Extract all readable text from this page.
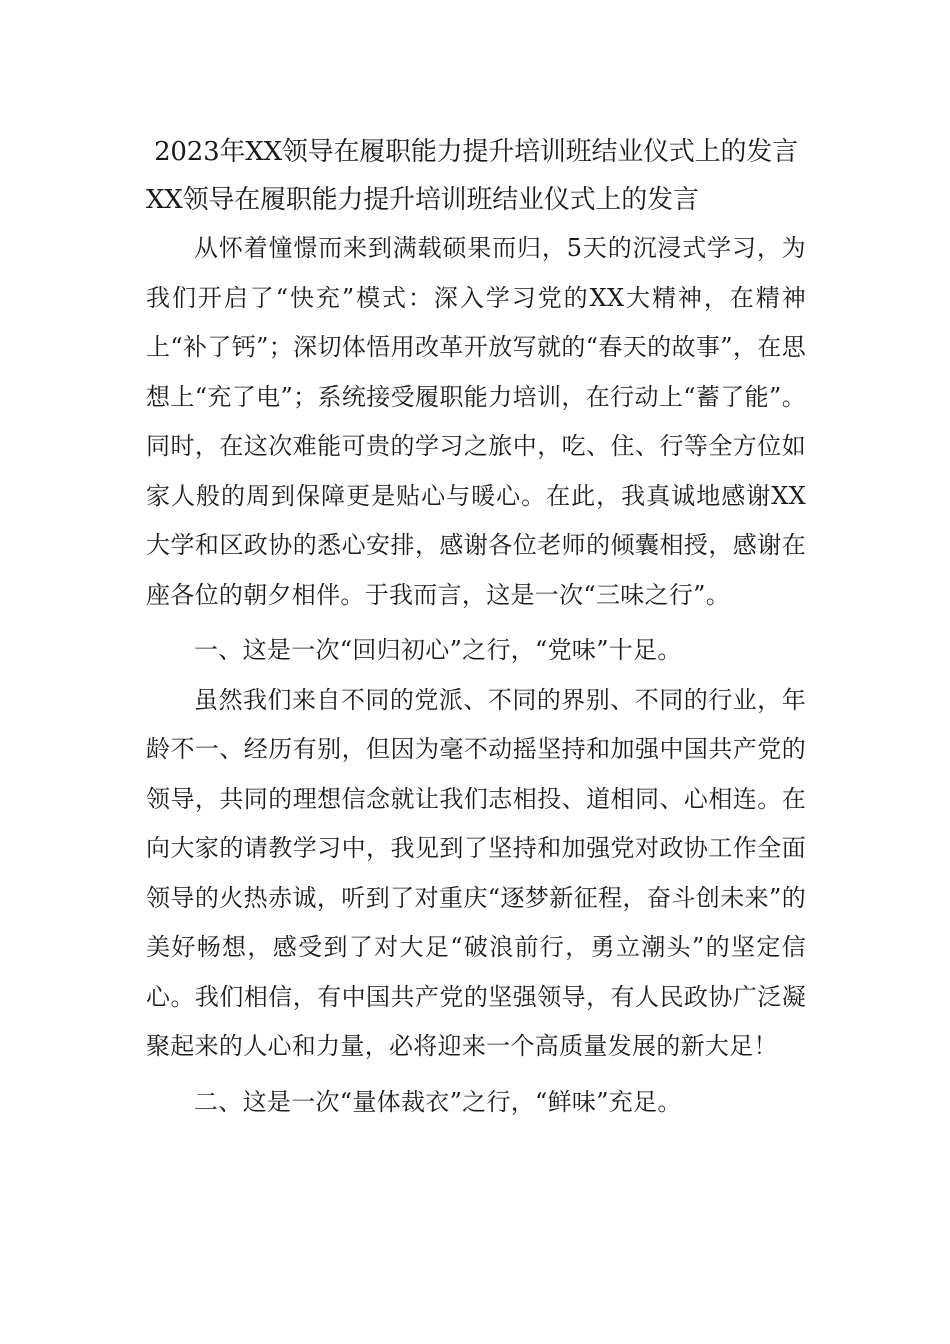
2023年XX领导在履职能力提升培训班结业仪式上的发言
XX领导在履职能力提升培训班结业仪式上的发言

从怀着憧憬而来到满载硕果而归，5天的沉浸式学习，为我们开启了“快充”模式：深入学习党的XX大精神，在精神上“补了钙”；深切体悟用改革开放写就的“春天的故事”，在思想上“充了电”；系统接受履职能力培训，在行动上“蓄了能”。同时，在这次难能可贵的学习之旅中，吃、住、行等全方位如家人般的周到保障更是贴心与暖心。在此，我真诚地感谢XX大学和区政协的悉心安排，感谢各位老师的倾囊相授，感谢在座各位的朝夕相伴。于我而言，这是一次“三味之行”。

一、这是一次“回归初心”之行，“党味”十足。

虽然我们来自不同的党派、不同的界别、不同的行业，年龄不一、经历有别，但因为毫不动摇坚持和加强中国共产党的领导，共同的理想信念就让我们志相投、道相同、心相连。在向大家的请教学习中，我见到了坚持和加强党对政协工作全面领导的火热赤诚，听到了对重庆“逐梦新征程，奋斗创未来”的美好畅想，感受到了对大足“破浪前行，勇立潮头”的坚定信心。我们相信，有中国共产党的坚强领导，有人民政协广泛凝聚起来的人心和力量，必将迎来一个高质量发展的新大足！

二、这是一次“量体裁衣”之行，“鲜味”充足。
